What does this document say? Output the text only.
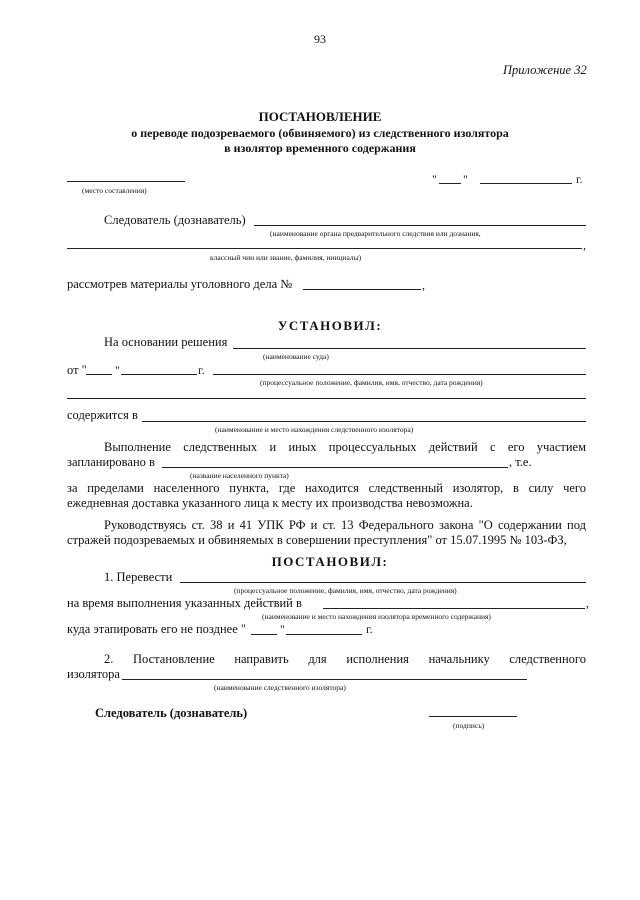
93
Приложение 32
ПОСТАНОВЛЕНИЕ
о переводе подозреваемого (обвиняемого) из следственного изолятора
в изолятор временного содержания
(место составления)
" "	г.
Следователь (дознаватель)
(наименование органа предварительного следствия или дознания,
,
классный чин или звание, фамилия, инициалы)
рассмотрев материалы уголовного дела №	,
УСТАНОВИЛ:
На основании решения
(наименование суда)
от " "	г.
(процессуальное положение, фамилия, имя, отчество, дата рождения)
содержится в
(наименование и место нахождения следственного изолятора)
Выполнение следственных и иных процессуальных действий с его участием
запланировано в	, т.е.
(название населенного пункта)
за пределами населенного пункта, где находится следственный изолятор, в силу чего
ежедневная доставка указанного лица к месту их производства невозможна.
Руководствуясь ст. 38 и 41 УПК РФ и ст. 13 Федерального закона "О содержании под
стражей подозреваемых и обвиняемых в совершении преступления" от 15.07.1995 № 103-ФЗ,
ПОСТАНОВИЛ:
1. Перевести
(процессуальное положение, фамилия, имя, отчество, дата рождения)
на время выполнения указанных действий в	,
(наименование и место нахождения изолятора временного содержания)
куда этапировать его не позднее "	"	г.
2. Постановление направить для исполнения начальнику следственного
изолятора
(наименование следственного изолятора)
Следователь (дознаватель)
(подпись)
